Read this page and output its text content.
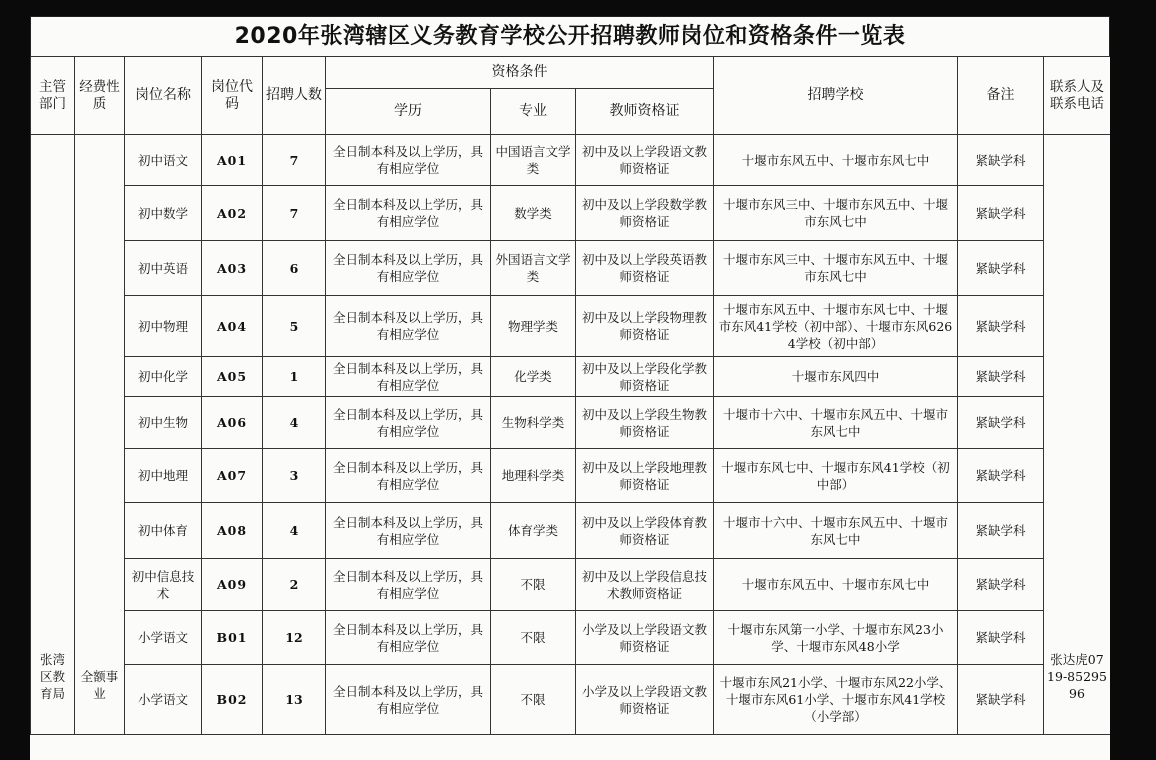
2020年张湾辖区义务教育学校公开招聘教师岗位和资格条件一览表
主管部门	经费性质	岗位名称	岗位代码	招聘人数	资格条件			招聘学校	备注	联系人及联系电话
					学历	专业	教师资格证			
张湾区教育局	全额事业	初中语文	A01	7	全日制本科及以上学历，具有相应学位	中国语言文学类	初中及以上学段语文教师资格证	十堰市东风五中、十堰市东风七中	紧缺学科	张达虎0719-8529596
		初中数学	A02	7	全日制本科及以上学历，具有相应学位	数学类	初中及以上学段数学教师资格证	十堰市东风三中、十堰市东风五中、十堰市东风七中	紧缺学科	
		初中英语	A03	6	全日制本科及以上学历，具有相应学位	外国语言文学类	初中及以上学段英语教师资格证	十堰市东风三中、十堰市东风五中、十堰市东风七中	紧缺学科	
		初中物理	A04	5	全日制本科及以上学历，具有相应学位	物理学类	初中及以上学段物理教师资格证	十堰市东风五中、十堰市东风七中、十堰市东风41学校（初中部）、十堰市东风6264学校（初中部）	紧缺学科	
		初中化学	A05	1	全日制本科及以上学历，具有相应学位	化学类	初中及以上学段化学教师资格证	十堰市东风四中	紧缺学科	
		初中生物	A06	4	全日制本科及以上学历，具有相应学位	生物科学类	初中及以上学段生物教师资格证	十堰市十六中、十堰市东风五中、十堰市东风七中	紧缺学科	
		初中地理	A07	3	全日制本科及以上学历，具有相应学位	地理科学类	初中及以上学段地理教师资格证	十堰市东风七中、十堰市东风41学校（初中部）	紧缺学科	
		初中体育	A08	4	全日制本科及以上学历，具有相应学位	体育学类	初中及以上学段体育教师资格证	十堰市十六中、十堰市东风五中、十堰市东风七中	紧缺学科	
		初中信息技术	A09	2	全日制本科及以上学历，具有相应学位	不限	初中及以上学段信息技术教师资格证	十堰市东风五中、十堰市东风七中	紧缺学科	
		小学语文	B01	12	全日制本科及以上学历，具有相应学位	不限	小学及以上学段语文教师资格证	十堰市东风第一小学、十堰市东风23小学、十堰市东风48小学	紧缺学科	
		小学语文	B02	13	全日制本科及以上学历，具有相应学位	不限	小学及以上学段语文教师资格证	十堰市东风21小学、十堰市东风22小学、十堰市东风61小学、十堰市东风41学校（小学部）	紧缺学科	
